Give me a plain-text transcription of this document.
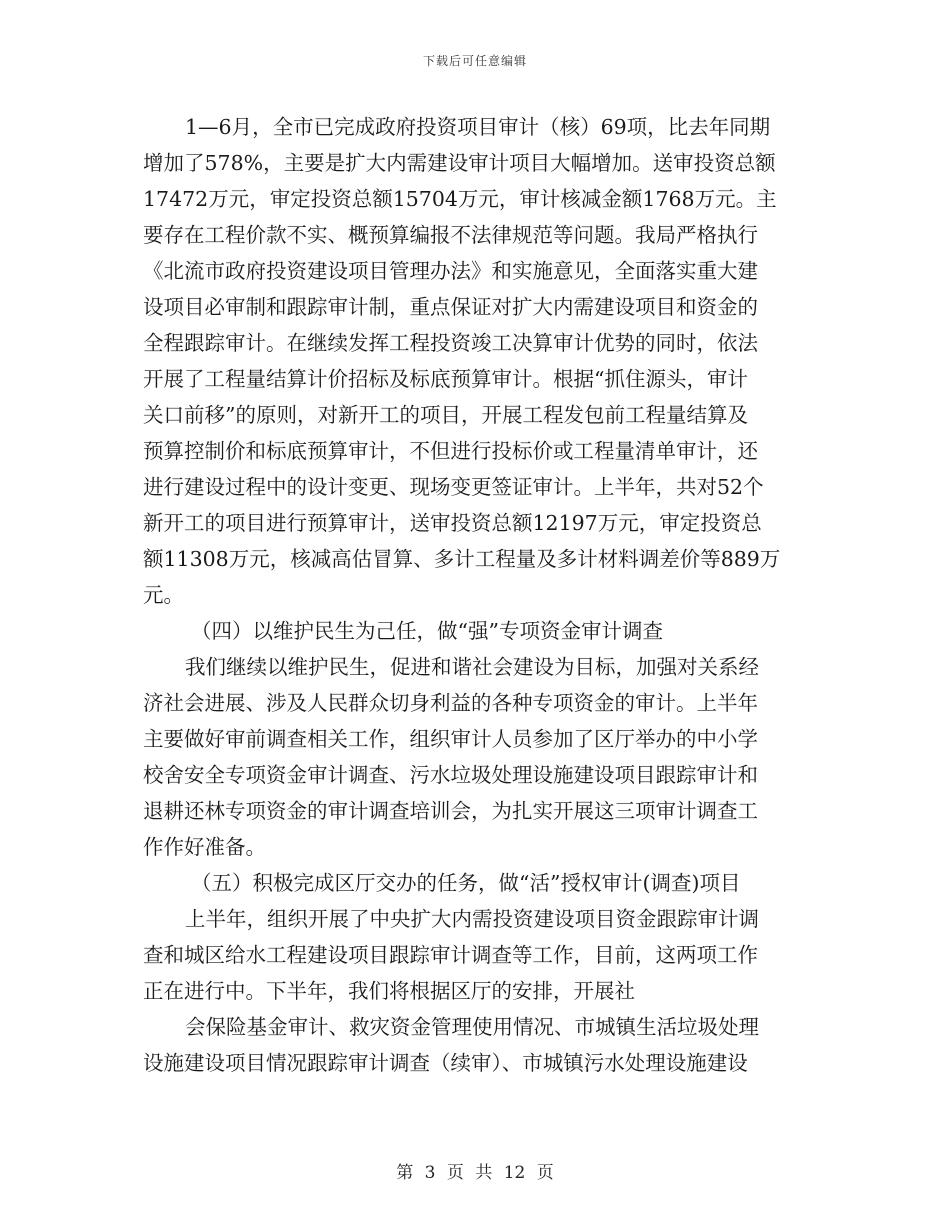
下载后可任意编辑
1—6月，全市已完成政府投资项目审计（核）69项，比去年同期
增加了578%，主要是扩大内需建设审计项目大幅增加。送审投资总额
17472万元，审定投资总额15704万元，审计核减金额1768万元。主
要存在工程价款不实、概预算编报不法律规范等问题。我局严格执行
《北流市政府投资建设项目管理办法》和实施意见，全面落实重大建
设项目必审制和跟踪审计制，重点保证对扩大内需建设项目和资金的
全程跟踪审计。在继续发挥工程投资竣工决算审计优势的同时，依法
开展了工程量结算计价招标及标底预算审计。根据“抓住源头，审计
关口前移”的原则，对新开工的项目，开展工程发包前工程量结算及
预算控制价和标底预算审计，不但进行投标价或工程量清单审计，还
进行建设过程中的设计变更、现场变更签证审计。上半年，共对52个
新开工的项目进行预算审计，送审投资总额12197万元，审定投资总
额11308万元，核减高估冒算、多计工程量及多计材料调差价等889万
元。
（四）以维护民生为己任，做“强”专项资金审计调查
我们继续以维护民生，促进和谐社会建设为目标，加强对关系经
济社会进展、涉及人民群众切身利益的各种专项资金的审计。上半年
主要做好审前调查相关工作，组织审计人员参加了区厅举办的中小学
校舍安全专项资金审计调查、污水垃圾处理设施建设项目跟踪审计和
退耕还林专项资金的审计调查培训会，为扎实开展这三项审计调查工
作作好准备。
（五）积极完成区厅交办的任务，做“活”授权审计(调查)项目
上半年，组织开展了中央扩大内需投资建设项目资金跟踪审计调
查和城区给水工程建设项目跟踪审计调查等工作，目前，这两项工作
正在进行中。下半年，我们将根据区厅的安排，开展社
会保险基金审计、救灾资金管理使用情况、市城镇生活垃圾处理
设施建设项目情况跟踪审计调查（续审）、市城镇污水处理设施建设
第 3 页 共 12 页
